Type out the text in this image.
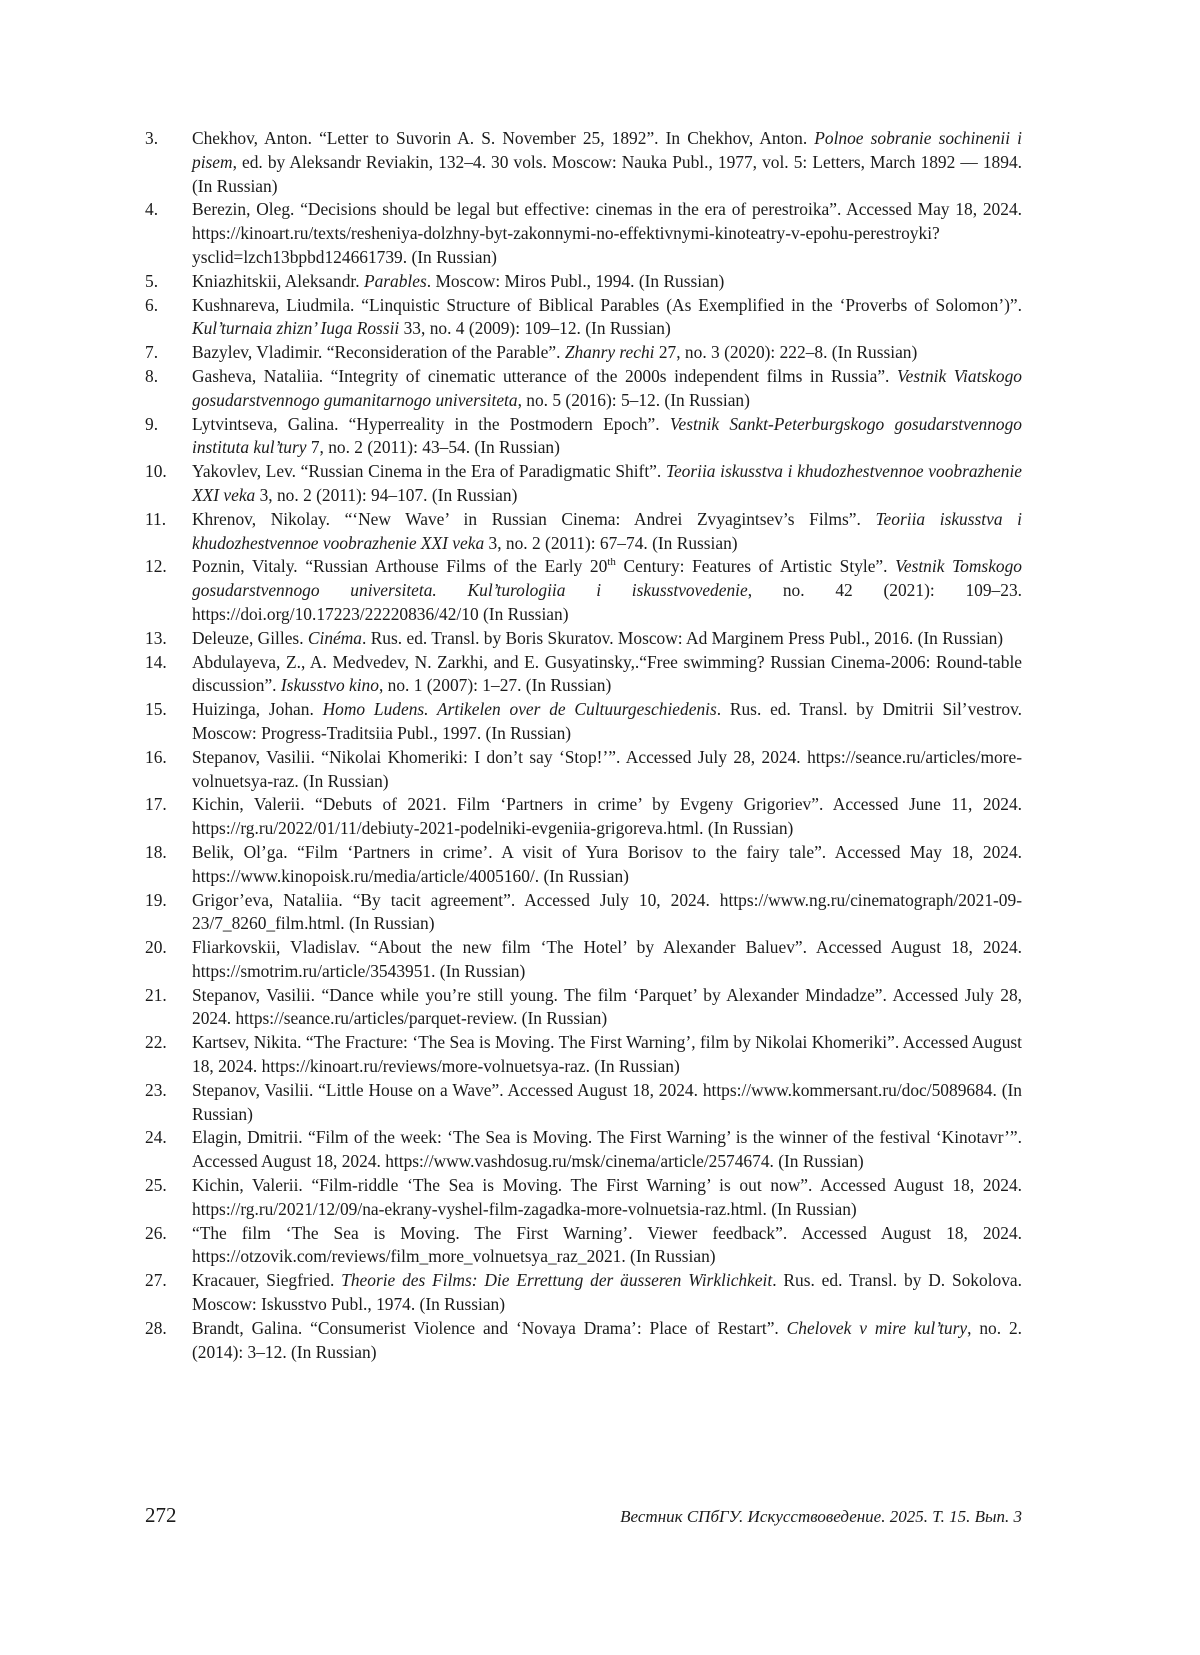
3.	Chekhov, Anton. “Letter to Suvorin A. S. November 25, 1892”. In Chekhov, Anton. Polnoe sobranie sochinenii i pisem, ed. by Aleksandr Reviakin, 132–4. 30 vols. Moscow: Nauka Publ., 1977, vol. 5: Letters, March 1892 — 1894. (In Russian)
4.	Berezin, Oleg. “Decisions should be legal but effective: cinemas in the era of perestroika”. Accessed May 18, 2024. https://kinoart.ru/texts/resheniya-dolzhny-byt-zakonnymi-no-effektivnymi-kinoteatry-v-epohu-perestroyki?ysclid=lzch13bpbd124661739. (In Russian)
5.	Kniazhitskii, Aleksandr. Parables. Moscow: Miros Publ., 1994. (In Russian)
6.	Kushnareva, Liudmila. “Linquistic Structure of Biblical Parables (As Exemplified in the ‘Proverbs of Solomon’)”. Kul’turnaia zhizn’ Iuga Rossii 33, no. 4 (2009): 109–12. (In Russian)
7.	Bazylev, Vladimir. “Reconsideration of the Parable”. Zhanry rechi 27, no. 3 (2020): 222–8. (In Russian)
8.	Gasheva, Nataliia. “Integrity of cinematic utterance of the 2000s independent films in Russia”. Vestnik Viatskogo gosudarstvennogo gumanitarnogo universiteta, no. 5 (2016): 5–12. (In Russian)
9.	Lytvintseva, Galina. “Hyperreality in the Postmodern Epoch”. Vestnik Sankt-Peterburgskogo gosudarstvennogo instituta kul’tury 7, no. 2 (2011): 43–54. (In Russian)
10.	Yakovlev, Lev. “Russian Cinema in the Era of Paradigmatic Shift”. Teoriia iskusstva i khudozhestvennoe voobrazhenie XXI veka 3, no. 2 (2011): 94–107. (In Russian)
11.	Khrenov, Nikolay. “‘New Wave’ in Russian Cinema: Andrei Zvyagintsev’s Films”. Teoriia iskusstva i khudozhestvennoe voobrazhenie XXI veka 3, no. 2 (2011): 67–74. (In Russian)
12.	Poznin, Vitaly. “Russian Arthouse Films of the Early 20th Century: Features of Artistic Style”. Vestnik Tomskogo gosudarstvennogo universiteta. Kul’turologiia i iskusstvovedenie, no. 42 (2021): 109–23. https://doi.org/10.17223/22220836/42/10 (In Russian)
13.	Deleuze, Gilles. Cinéma. Rus. ed. Transl. by Boris Skuratov. Moscow: Ad Marginem Press Publ., 2016. (In Russian)
14.	Abdulayeva, Z., A. Medvedev, N. Zarkhi, and E. Gusyatinsky,.“Free swimming? Russian Cinema-2006: Round-table discussion”. Iskusstvo kino, no. 1 (2007): 1–27. (In Russian)
15.	Huizinga, Johan. Homo Ludens. Artikelen over de Cultuurgeschiedenis. Rus. ed. Transl. by Dmitrii Sil’vestrov. Moscow: Progress-Traditsiia Publ., 1997. (In Russian)
16.	Stepanov, Vasilii. “Nikolai Khomeriki: I don’t say ‘Stop!’”. Accessed July 28, 2024. https://seance.ru/articles/more-volnuetsya-raz. (In Russian)
17.	Kichin, Valerii. “Debuts of 2021. Film ‘Partners in crime’ by Evgeny Grigoriev”. Accessed June 11, 2024. https://rg.ru/2022/01/11/debiuty-2021-podelniki-evgeniia-grigoreva.html. (In Russian)
18.	Belik, Ol’ga. “Film ‘Partners in crime’. A visit of Yura Borisov to the fairy tale”. Accessed May 18, 2024. https://www.kinopoisk.ru/media/article/4005160/. (In Russian)
19.	Grigor’eva, Nataliia. “By tacit agreement”. Accessed July 10, 2024. https://www.ng.ru/cinematograph/2021-09-23/7_8260_film.html. (In Russian)
20.	Fliarkovskii, Vladislav. “About the new film ‘The Hotel’ by Alexander Baluev”. Accessed August 18, 2024. https://smotrim.ru/article/3543951. (In Russian)
21.	Stepanov, Vasilii. “Dance while you’re still young. The film ‘Parquet’ by Alexander Mindadze”. Accessed July 28, 2024. https://seance.ru/articles/parquet-review. (In Russian)
22.	Kartsev, Nikita. “The Fracture: ‘The Sea is Moving. The First Warning’, film by Nikolai Khomeriki”. Accessed August 18, 2024. https://kinoart.ru/reviews/more-volnuetsya-raz. (In Russian)
23.	Stepanov, Vasilii. “Little House on a Wave”. Accessed August 18, 2024. https://www.kommersant.ru/doc/5089684. (In Russian)
24.	Elagin, Dmitrii. “Film of the week: ‘The Sea is Moving. The First Warning’ is the winner of the festival ‘Kinotavr’”. Accessed August 18, 2024. https://www.vashdosug.ru/msk/cinema/article/2574674. (In Russian)
25.	Kichin, Valerii. “Film-riddle ‘The Sea is Moving. The First Warning’ is out now”. Accessed August 18, 2024. https://rg.ru/2021/12/09/na-ekrany-vyshel-film-zagadka-more-volnuetsia-raz.html. (In Russian)
26.	“The film ‘The Sea is Moving. The First Warning’. Viewer feedback”. Accessed August 18, 2024. https://otzovik.com/reviews/film_more_volnuetsya_raz_2021. (In Russian)
27.	Kracauer, Siegfried. Theorie des Films: Die Errettung der äusseren Wirklichkeit. Rus. ed. Transl. by D. Sokolova. Moscow: Iskusstvo Publ., 1974. (In Russian)
28.	Brandt, Galina. “Consumerist Violence and ‘Novaya Drama’: Place of Restart”. Chelovek v mire kul’tury, no. 2. (2014): 3–12. (In Russian)
272	Вестник СПбГУ. Искусствоведение. 2025. Т. 15. Вып. 3
